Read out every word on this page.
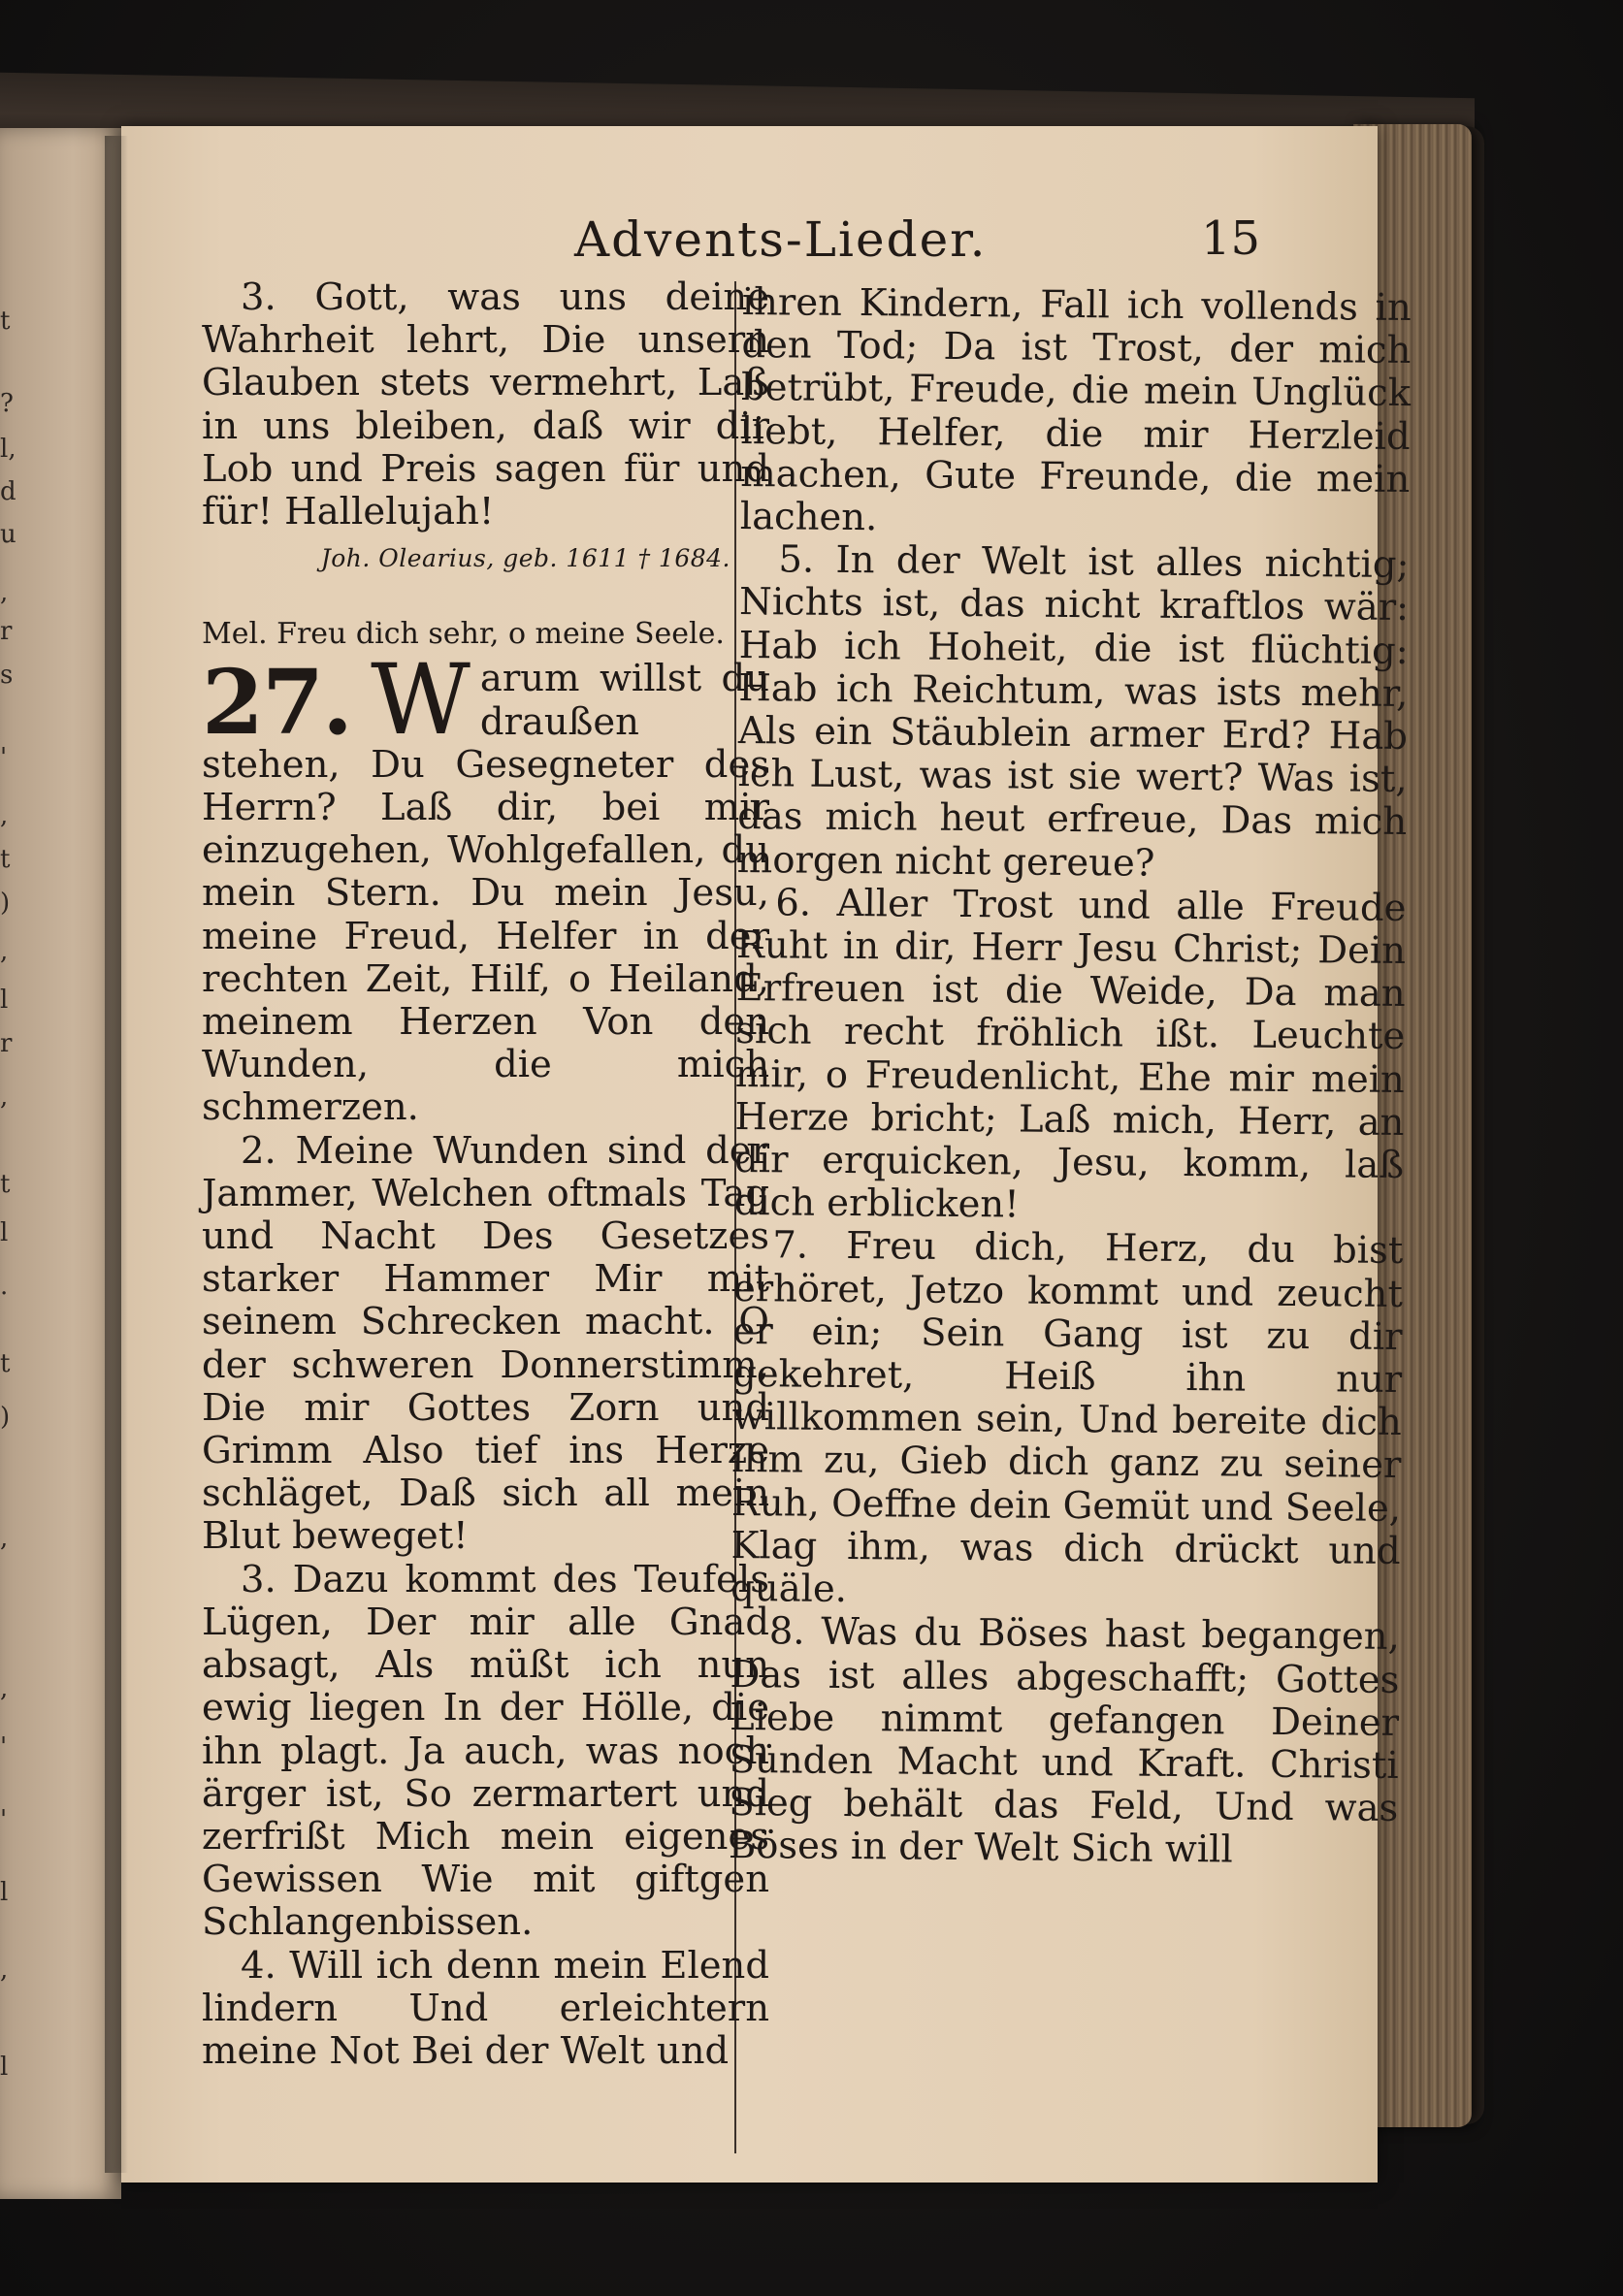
t
?
l,
d
u
,
r
s
'
,
t
)
,
l
r
,
t
l
.
t
)
,
,
'
'
l
,
l
Advents-Lieder.	15

3. Gott, was uns deine Wahrheit lehrt, Die unsern Glauben stets vermehrt, Laß in uns bleiben, daß wir dir Lob und Preis sagen für und für! Hallelujah!

Joh. Olearius, geb. 1611 † 1684.

Mel. Freu dich sehr, o meine Seele.

27. W arum willst du draußen stehen, Du Gesegneter des Herrn? Laß dir, bei mir einzugehen, Wohlgefallen, du mein Stern. Du mein Jesu, meine Freud, Helfer in der rechten Zeit, Hilf, o Heiland, meinem Herzen Von den Wunden, die mich schmerzen.

2. Meine Wunden sind der Jammer, Welchen oftmals Tag und Nacht Des Gesetzes starker Hammer Mir mit seinem Schrecken macht. O der schweren Donnerstimm, Die mir Gottes Zorn und Grimm Also tief ins Herze schläget, Daß sich all mein Blut beweget!

3. Dazu kommt des Teufels Lügen, Der mir alle Gnad absagt, Als müßt ich nun ewig liegen In der Hölle, die ihn plagt. Ja auch, was noch ärger ist, So zermartert und zerfrißt Mich mein eigenes Gewissen Wie mit giftgen Schlangenbissen.

4. Will ich denn mein Elend lindern Und erleichtern meine Not Bei der Welt und

ihren Kindern, Fall ich vollends in den Tod; Da ist Trost, der mich betrübt, Freude, die mein Unglück liebt, Helfer, die mir Herzleid machen, Gute Freunde, die mein lachen.

5. In der Welt ist alles nichtig; Nichts ist, das nicht kraftlos wär: Hab ich Hoheit, die ist flüchtig: Hab ich Reichtum, was ists mehr, Als ein Stäublein armer Erd? Hab ich Lust, was ist sie wert? Was ist, das mich heut erfreue, Das mich morgen nicht gereue?

6. Aller Trost und alle Freude Ruht in dir, Herr Jesu Christ; Dein Erfreuen ist die Weide, Da man sich recht fröhlich ißt. Leuchte mir, o Freudenlicht, Ehe mir mein Herze bricht; Laß mich, Herr, an dir erquicken, Jesu, komm, laß dich erblicken!

7. Freu dich, Herz, du bist erhöret, Jetzo kommt und zeucht er ein; Sein Gang ist zu dir gekehret, Heiß ihn nur willkommen sein, Und bereite dich ihm zu, Gieb dich ganz zu seiner Ruh, Oeffne dein Gemüt und Seele, Klag ihm, was dich drückt und quäle.

8. Was du Böses hast begangen, Das ist alles abgeschafft; Gottes Liebe nimmt gefangen Deiner Sünden Macht und Kraft. Christi Sieg behält das Feld, Und was Böses in der Welt Sich will
